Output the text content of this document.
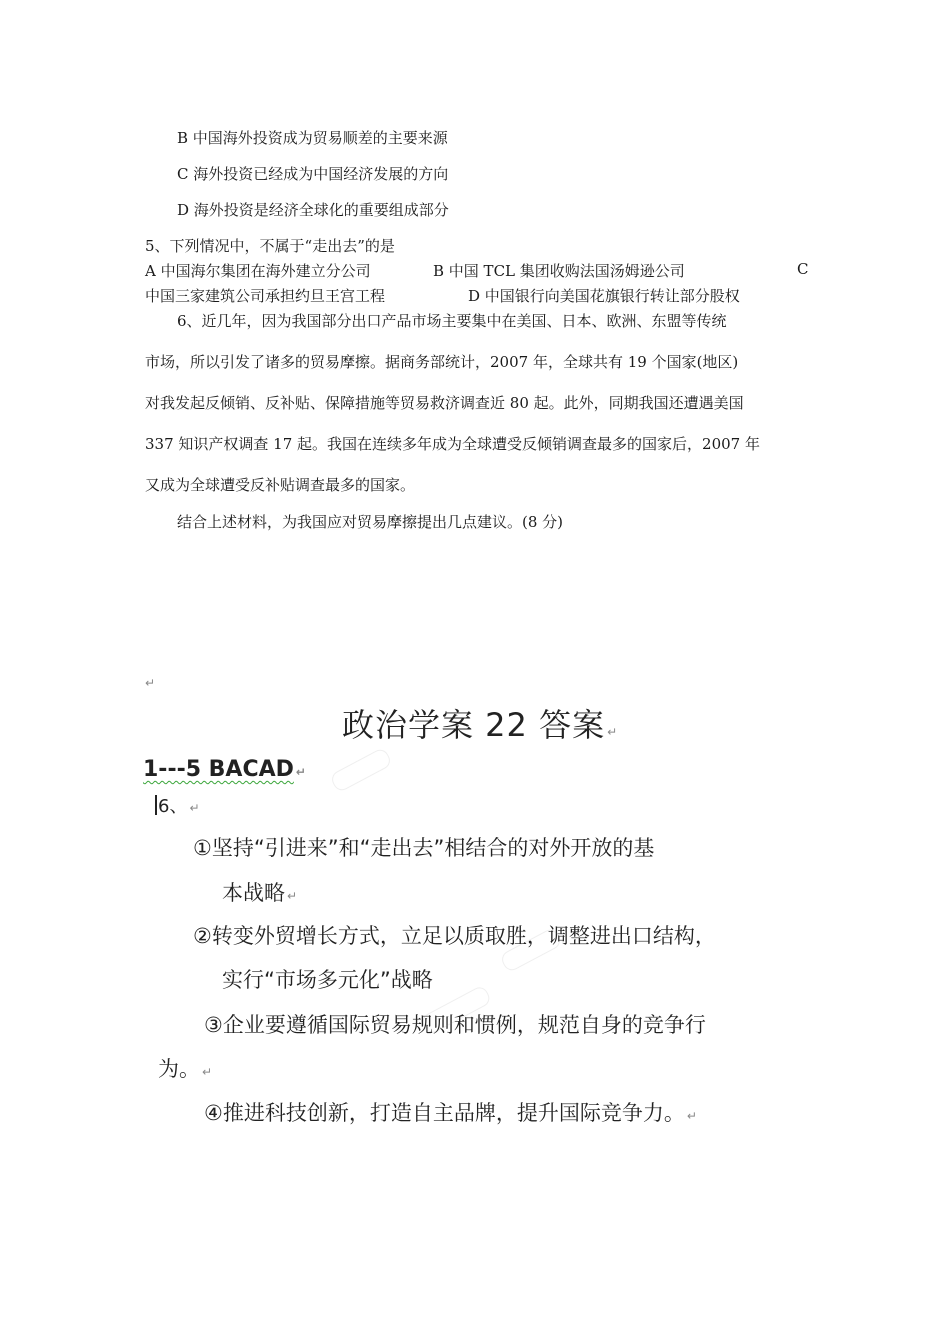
B 中国海外投资成为贸易顺差的主要来源
C 海外投资已经成为中国经济发展的方向
D 海外投资是经济全球化的重要组成部分
5、下列情况中，不属于“走出去”的是
A 中国海尔集团在海外建立分公司	B 中国 TCL 集团收购法国汤姆逊公司	C
中国三家建筑公司承担约旦王宫工程	D 中国银行向美国花旗银行转让部分股权
6、近几年，因为我国部分出口产品市场主要集中在美国、日本、欧洲、东盟等传统
市场，所以引发了诸多的贸易摩擦。据商务部统计，2007 年，全球共有 19 个国家(地区)
对我发起反倾销、反补贴、保障措施等贸易救济调查近 80 起。此外，同期我国还遭遇美国
337 知识产权调查 17 起。我国在连续多年成为全球遭受反倾销调查最多的国家后，2007 年
又成为全球遭受反补贴调查最多的国家。
结合上述材料，为我国应对贸易摩擦提出几点建议。(8 分)
↵
政治学案 22 答案 ↵
1---5 BACAD ↵
6、 ↵
①坚持“引进来”和“走出去”相结合的对外开放的基
本战略 ↵
②转变外贸增长方式，立足以质取胜，调整进出口结构，
实行“市场多元化”战略
③企业要遵循国际贸易规则和惯例，规范自身的竞争行
为。 ↵
④推进科技创新，打造自主品牌，提升国际竞争力。 ↵
